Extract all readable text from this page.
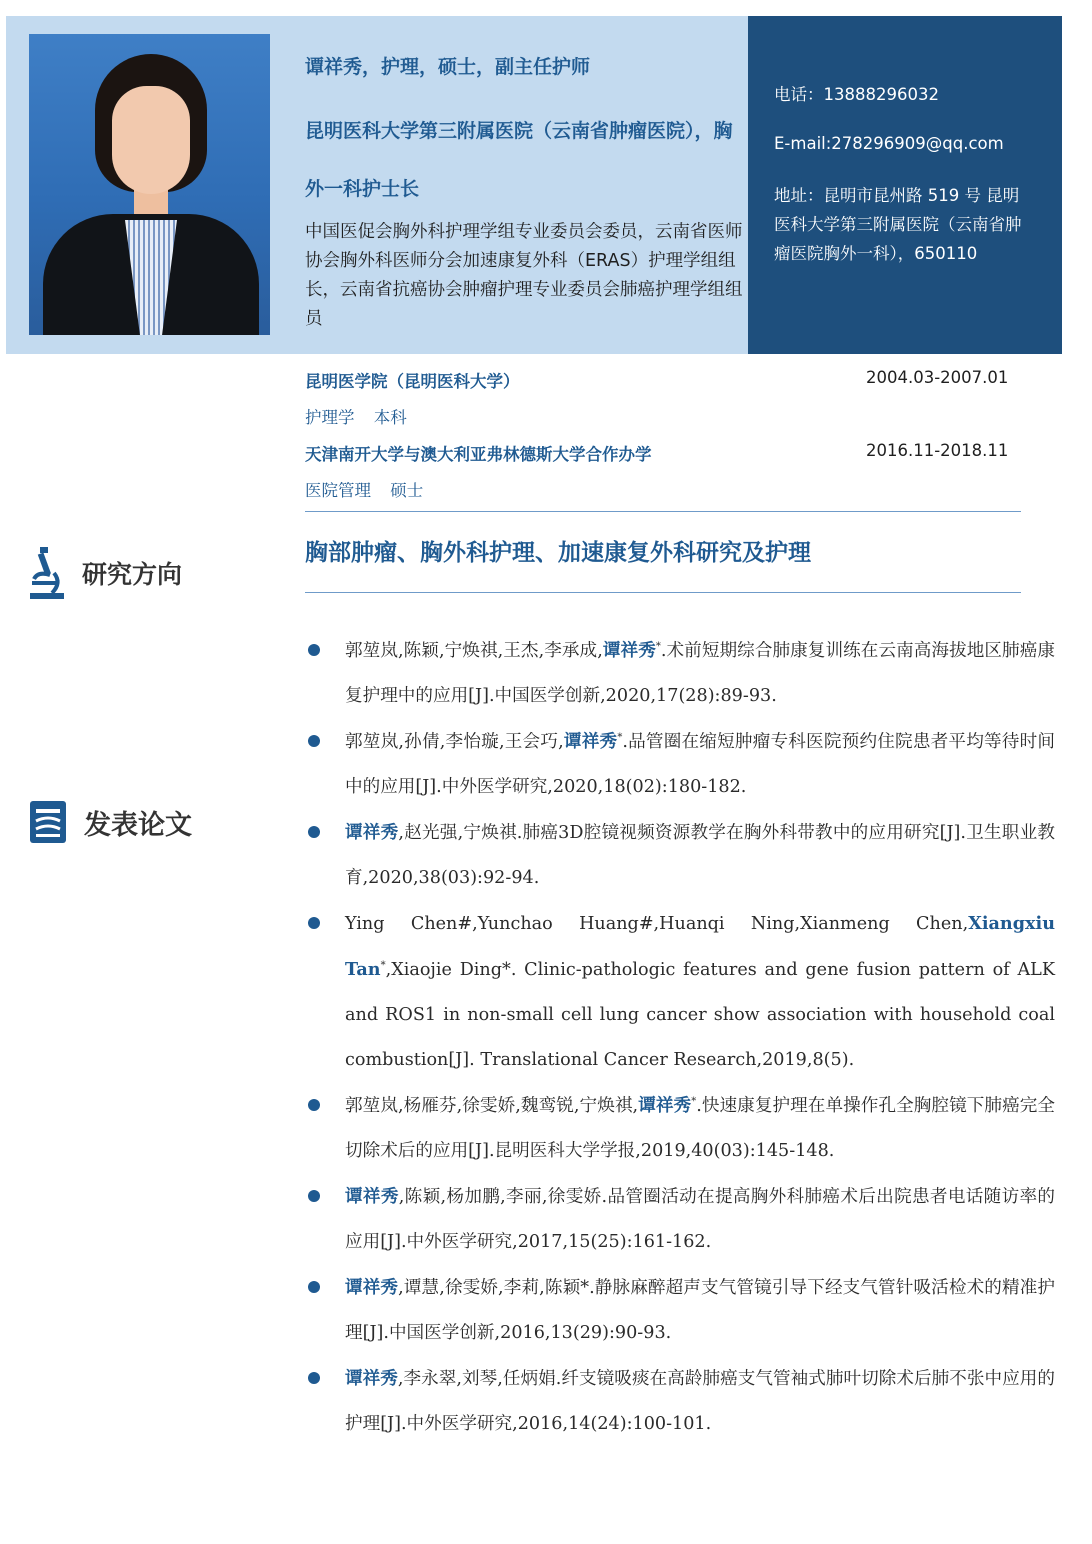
谭祥秀，护理，硕士，副主任护师
昆明医科大学第三附属医院（云南省肿瘤医院），胸外一科护士长
中国医促会胸外科护理学组专业委员会委员，云南省医师协会胸外科医师分会加速康复外科（ERAS）护理学组组长，云南省抗癌协会肿瘤护理专业委员会肺癌护理学组组员
电话：13888296032
E-mail:278296909@qq.com
地址：昆明市昆州路 519 号 昆明医科大学第三附属医院（云南省肿瘤医院胸外一科），650110
昆明医学院（昆明医科大学）	2004.03-2007.01
护理学 本科
天津南开大学与澳大利亚弗林德斯大学合作办学	2016.11-2018.11
医院管理 硕士
研究方向
胸部肿瘤、胸外科护理、加速康复外科研究及护理
发表论文
郭堃岚,陈颖,宁焕祺,王杰,李承成,谭祥秀*.术前短期综合肺康复训练在云南高海拔地区肺癌康复护理中的应用[J].中国医学创新,2020,17(28):89-93.
郭堃岚,孙倩,李怡璇,王会巧,谭祥秀*.品管圈在缩短肿瘤专科医院预约住院患者平均等待时间中的应用[J].中外医学研究,2020,18(02):180-182.
谭祥秀,赵光强,宁焕祺.肺癌3D腔镜视频资源教学在胸外科带教中的应用研究[J].卫生职业教育,2020,38(03):92-94.
Ying Chen#,Yunchao Huang#,Huanqi Ning,Xianmeng Chen,Xiangxiu Tan*,Xiaojie Ding*. Clinic-pathologic features and gene fusion pattern of ALK and ROS1 in non-small cell lung cancer show association with household coal combustion[J]. Translational Cancer Research,2019,8(5).
郭堃岚,杨雁芬,徐雯娇,魏鸾锐,宁焕祺,谭祥秀*.快速康复护理在单操作孔全胸腔镜下肺癌完全切除术后的应用[J].昆明医科大学学报,2019,40(03):145-148.
谭祥秀,陈颖,杨加鹏,李丽,徐雯娇.品管圈活动在提高胸外科肺癌术后出院患者电话随访率的应用[J].中外医学研究,2017,15(25):161-162.
谭祥秀,谭慧,徐雯娇,李莉,陈颖*.静脉麻醉超声支气管镜引导下经支气管针吸活检术的精准护理[J].中国医学创新,2016,13(29):90-93.
谭祥秀,李永翠,刘琴,任炳娟.纤支镜吸痰在高龄肺癌支气管袖式肺叶切除术后肺不张中应用的护理[J].中外医学研究,2016,14(24):100-101.
